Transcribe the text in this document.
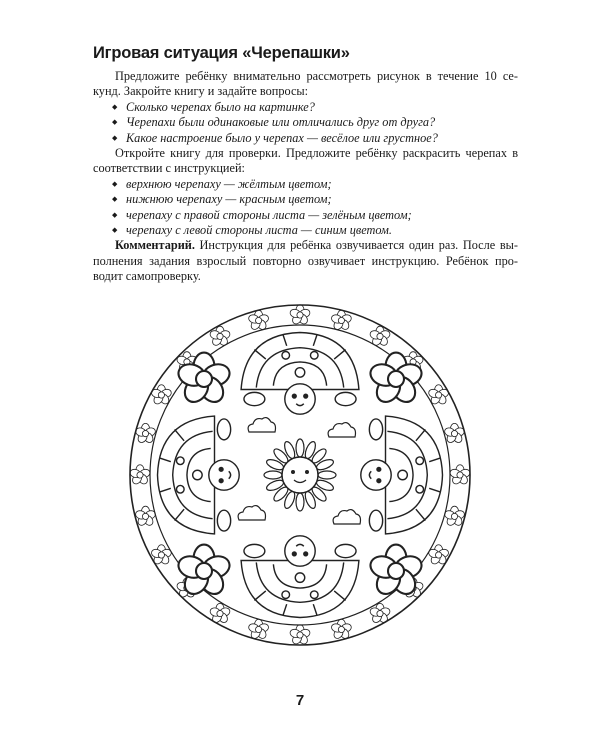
Игровая ситуация «Черепашки»

Предложите ребёнку внимательно рассмотреть рисунок в течение 10 секунд. Закройте книгу и задайте вопросы:

◆ Сколько черепах было на картинке?
◆ Черепахи были одинаковые или отличались друг от друга?
◆ Какое настроение было у черепах — весёлое или грустное?

Откройте книгу для проверки. Предложите ребёнку раскрасить черепах в соответствии с инструкцией:

◆ верхнюю черепаху — жёлтым цветом;
◆ нижнюю черепаху — красным цветом;
◆ черепаху с правой стороны листа — зелёным цветом;
◆ черепаху с левой стороны листа — синим цветом.

Комментарий. Инструкция для ребёнка озвучивается один раз. После выполнения задания взрослый повторно озвучивает инструкцию. Ребёнок проводит самопроверку.

7
